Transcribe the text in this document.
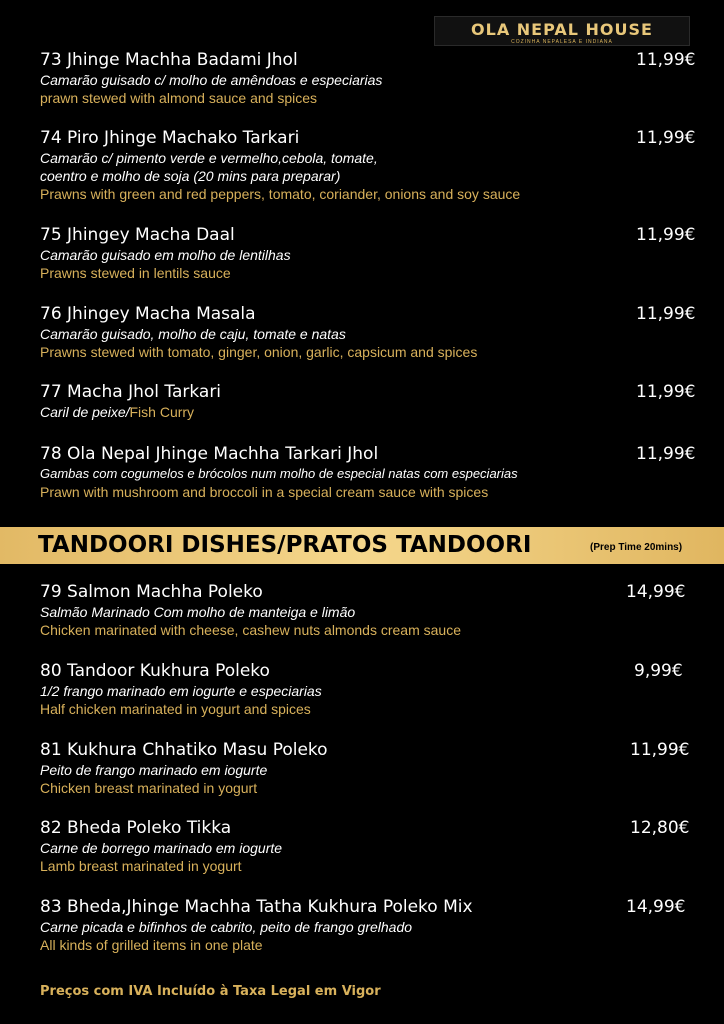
OLA NEPAL HOUSE
COZINHA NEPALESA E INDIANA
73 Jhinge Machha Badami Jhol
Camarão guisado c/ molho de amêndoas e especiarias
prawn stewed with almond sauce and spices
11,99€
74 Piro Jhinge Machako Tarkari
Camarão c/ pimento verde e vermelho,cebola, tomate,
coentro e molho de soja (20 mins para preparar)
Prawns with green and red peppers, tomato, coriander, onions and soy sauce
11,99€
75 Jhingey Macha Daal
Camarão guisado em molho de lentilhas
Prawns stewed in lentils sauce
11,99€
76 Jhingey Macha Masala
Camarão guisado, molho de caju, tomate e natas
Prawns stewed with tomato, ginger, onion, garlic, capsicum and spices
11,99€
77 Macha Jhol Tarkari
Caril de peixe/Fish Curry
11,99€
78 Ola Nepal Jhinge Machha Tarkari Jhol
Gambas com cogumelos e brócolos num molho de especial natas com especiarias
Prawn with mushroom and broccoli in a special cream sauce with spices
11,99€
TANDOORI DISHES/PRATOS TANDOORI	(Prep Time 20mins)
79 Salmon Machha Poleko
Salmão Marinado Com molho de manteiga e limão
Chicken marinated with cheese, cashew nuts almonds cream sauce
14,99€
80 Tandoor Kukhura Poleko
1/2 frango marinado em iogurte e especiarias
Half chicken marinated in yogurt and spices
9,99€
81 Kukhura Chhatiko Masu Poleko
Peito de frango marinado em iogurte
Chicken breast marinated in yogurt
11,99€
82 Bheda Poleko Tikka
Carne de borrego marinado em iogurte
Lamb breast marinated in yogurt
12,80€
83 Bheda,Jhinge Machha Tatha Kukhura Poleko Mix
Carne picada e bifinhos de cabrito, peito de frango grelhado
All kinds of grilled items in one plate
14,99€
Preços com IVA Incluído à Taxa Legal em Vigor
